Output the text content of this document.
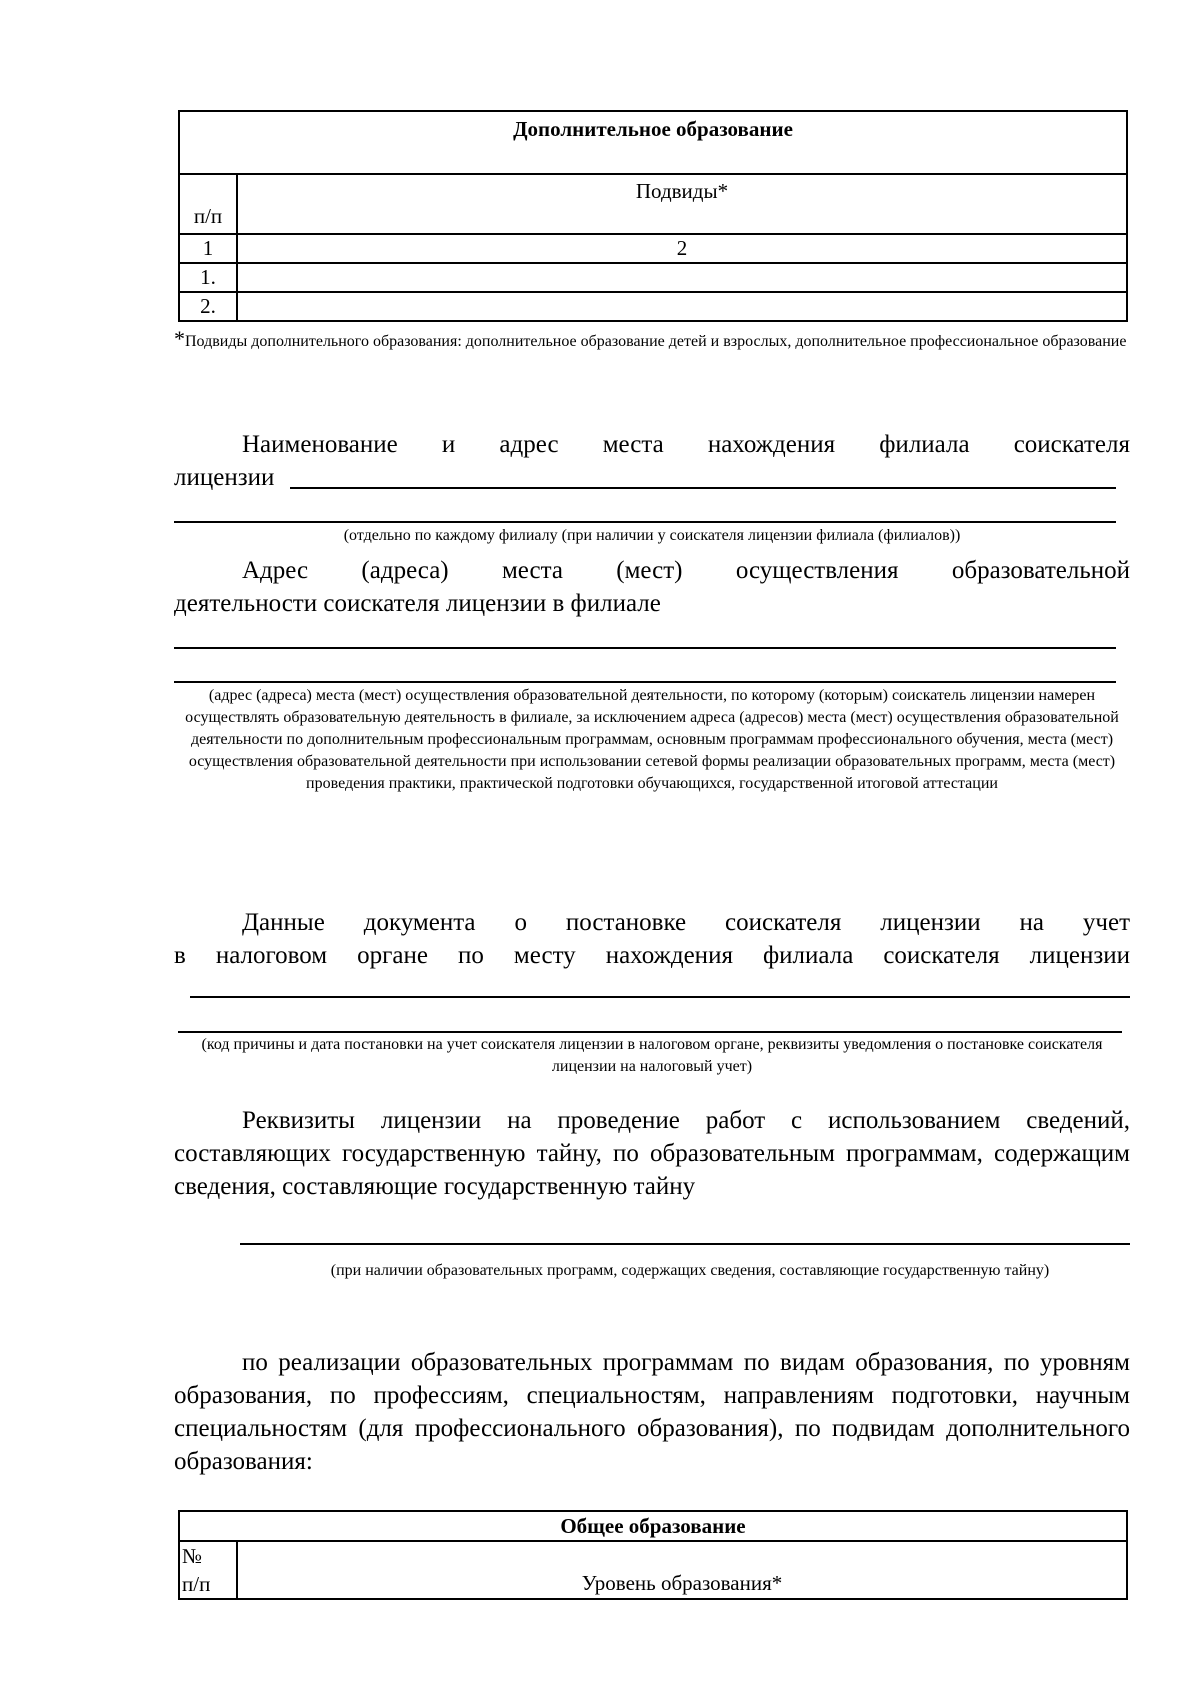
Дополнительное образование	
п/п	Подвиды*
1	2
1.	
2.	
*Подвиды дополнительного образования: дополнительное образование детей и взрослых, дополнительное профессиональное образование
Наименование и адрес места нахождения филиала соискателя
лицензии
(отдельно по каждому филиалу (при наличии у соискателя лицензии филиала (филиалов))
Адрес (адреса) места (мест) осуществления образовательной
деятельности соискателя лицензии в филиале
(адрес (адреса) места (мест) осуществления образовательной деятельности, по которому (которым) соискатель лицензии намерен осуществлять образовательную деятельность в филиале, за исключением адреса (адресов) места (мест) осуществления образовательной деятельности по дополнительным профессиональным программам, основным программам профессионального обучения, места (мест) осуществления образовательной деятельности при использовании сетевой формы реализации образовательных программ, места (мест) проведения практики, практической подготовки обучающихся, государственной итоговой аттестации
Данные документа о постановке соискателя лицензии на учет
в налоговом органе по месту нахождения филиала соискателя лицензии
(код причины и дата постановки на учет соискателя лицензии в налоговом органе, реквизиты уведомления о постановке соискателя лицензии на налоговый учет)
Реквизиты лицензии на проведение работ с использованием сведений, составляющих государственную тайну, по образовательным программам, содержащим сведения, составляющие государственную тайну
(при наличии образовательных программ, содержащих сведения, составляющие государственную тайну)
по реализации образовательных программам по видам образования, по уровням образования, по профессиям, специальностям, направлениям подготовки, научным специальностям (для профессионального образования), по подвидам дополнительного образования:
Общее образование
№
п/п	Уровень образования*
